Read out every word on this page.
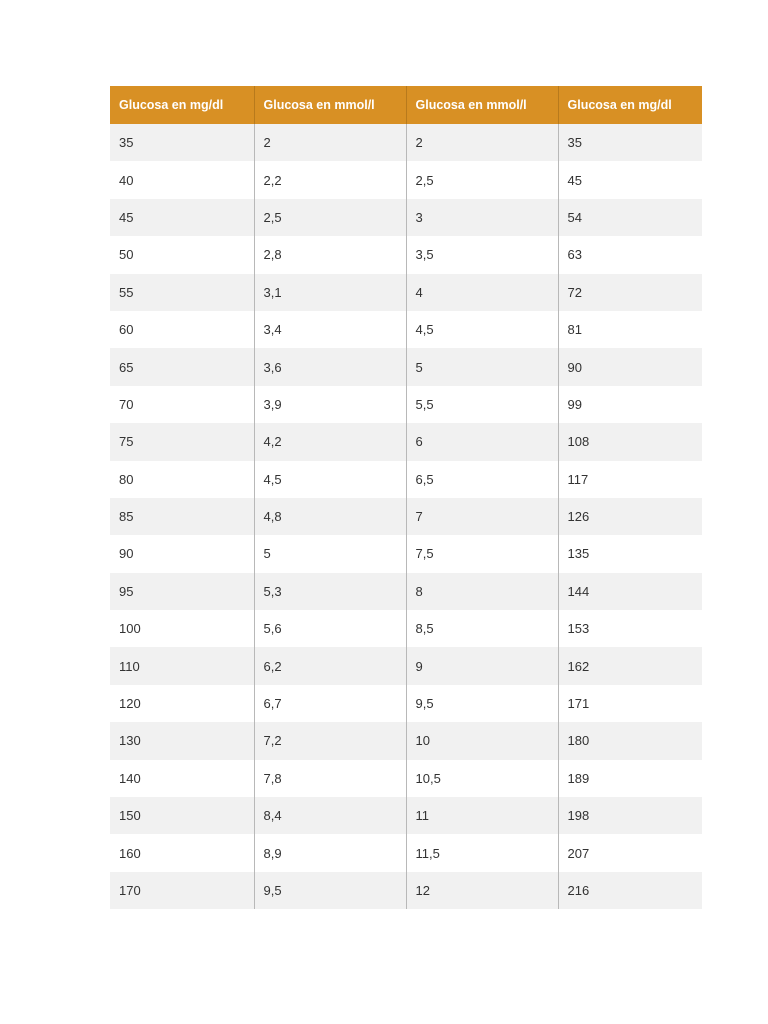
Glucosa en mg/dl	Glucosa en mmol/l	Glucosa en mmol/l	Glucosa en mg/dl
35	2	2	35
40	2,2	2,5	45
45	2,5	3	54
50	2,8	3,5	63
55	3,1	4	72
60	3,4	4,5	81
65	3,6	5	90
70	3,9	5,5	99
75	4,2	6	108
80	4,5	6,5	117
85	4,8	7	126
90	5	7,5	135
95	5,3	8	144
100	5,6	8,5	153
110	6,2	9	162
120	6,7	9,5	171
130	7,2	10	180
140	7,8	10,5	189
150	8,4	11	198
160	8,9	11,5	207
170	9,5	12	216
